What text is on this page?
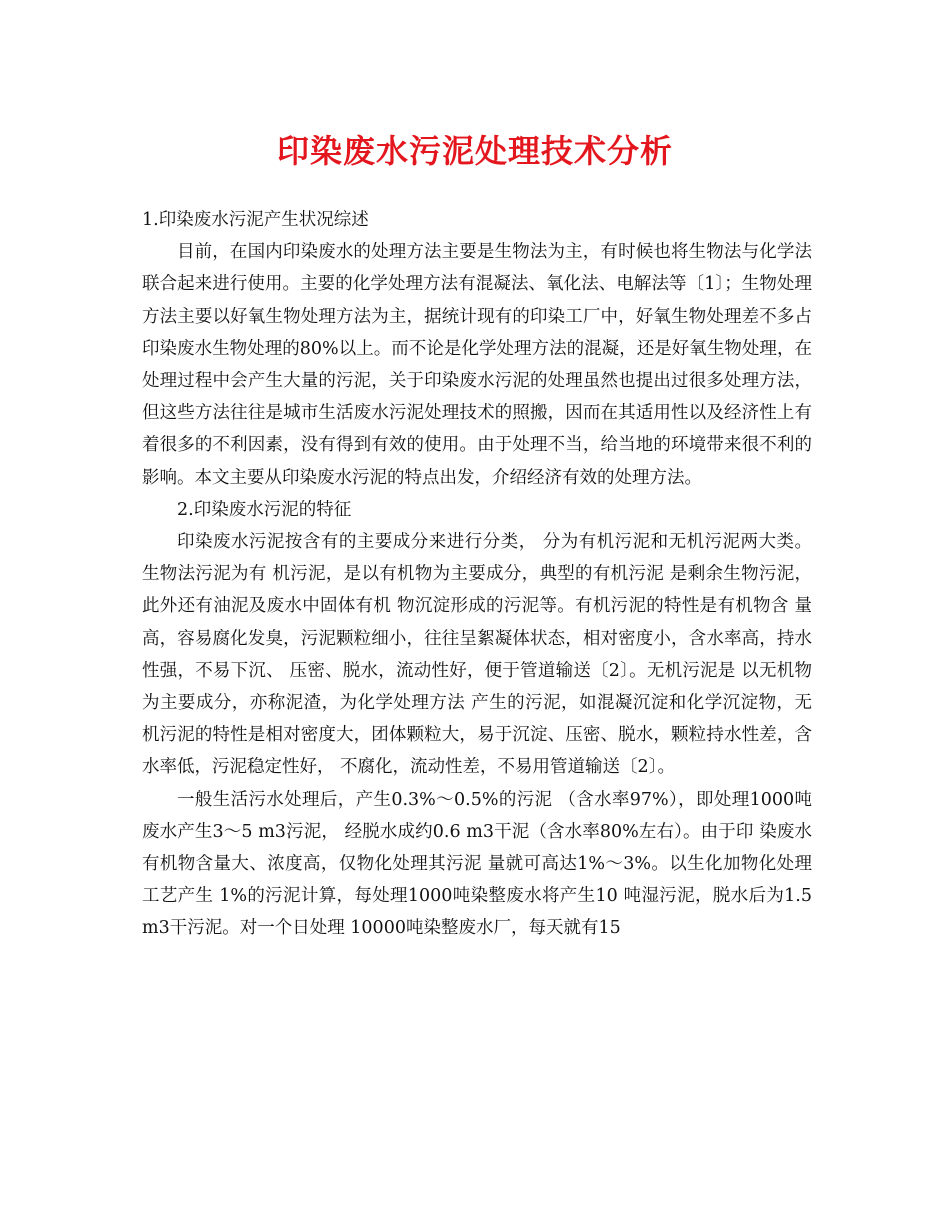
印染废水污泥处理技术分析

1.印染废水污泥产生状况综述

目前，在国内印染废水的处理方法主要是生物法为主，有时候也将生物法与化学法联合起来进行使用。主要的化学处理方法有混凝法、氧化法、电解法等〔1〕；生物处理方法主要以好氧生物处理方法为主，据统计现有的印染工厂中，好氧生物处理差不多占印染废水生物处理的80%以上。而不论是化学处理方法的混凝，还是好氧生物处理，在处理过程中会产生大量的污泥，关于印染废水污泥的处理虽然也提出过很多处理方法，但这些方法往往是城市生活废水污泥处理技术的照搬，因而在其适用性以及经济性上有着很多的不利因素，没有得到有效的使用。由于处理不当，给当地的环境带来很不利的影响。本文主要从印染废水污泥的特点出发，介绍经济有效的处理方法。

2.印染废水污泥的特征

印染废水污泥按含有的主要成分来进行分类， 分为有机污泥和无机污泥两大类。生物法污泥为有 机污泥，是以有机物为主要成分，典型的有机污泥 是剩余生物污泥，此外还有油泥及废水中固体有机 物沉淀形成的污泥等。有机污泥的特性是有机物含 量高，容易腐化发臭，污泥颗粒细小，往往呈絮凝体状态，相对密度小，含水率高，持水性强，不易下沉、 压密、脱水，流动性好，便于管道输送〔2〕。无机污泥是 以无机物为主要成分，亦称泥渣，为化学处理方法 产生的污泥，如混凝沉淀和化学沉淀物，无机污泥的特性是相对密度大，团体颗粒大，易于沉淀、压密、脱水，颗粒持水性差，含水率低，污泥稳定性好， 不腐化，流动性差，不易用管道输送〔2〕。

一般生活污水处理后，产生0.3%～0.5%的污泥 （含水率97%），即处理1000吨废水产生3～5 m3污泥， 经脱水成约0.6 m3干泥（含水率80%左右）。由于印 染废水有机物含量大、浓度高，仅物化处理其污泥 量就可高达1%～3%。以生化加物化处理工艺产生 1%的污泥计算，每处理1000吨染整废水将产生10 吨湿污泥，脱水后为1.5 m3干污泥。对一个日处理 10000吨染整废水厂，每天就有15
